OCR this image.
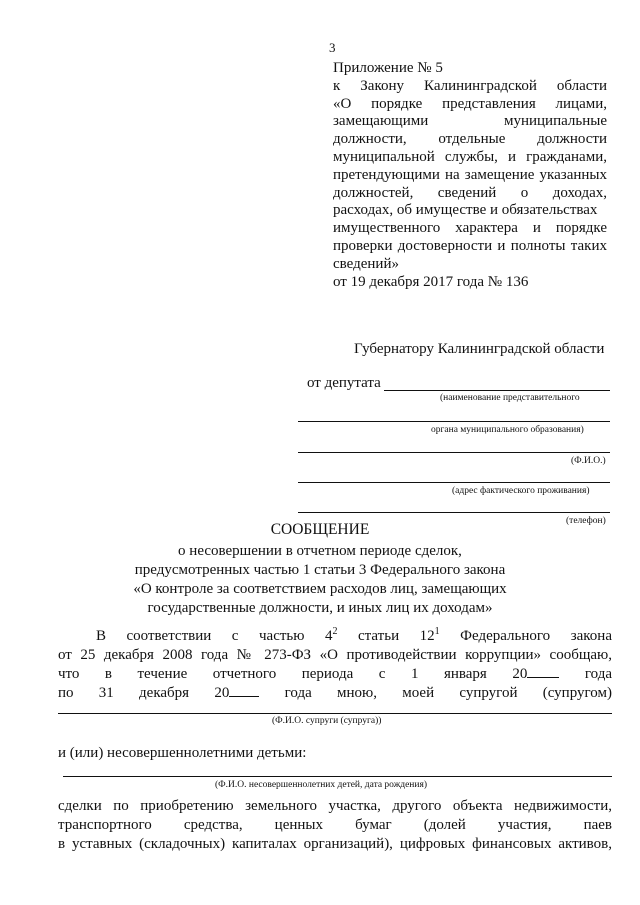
3
Приложение № 5
к Закону Калининградской области
«О порядке представления лицами,
замещающими муниципальные
должности, отдельные должности
муниципальной службы, и гражданами,
претендующими на замещение указанных
должностей, сведений о доходах,
расходах, об имуществе и обязательствах
имущественного характера и порядке
проверки достоверности и полноты таких
сведений»
от 19 декабря 2017 года № 136
Губернатору Калининградской области
от депутата
(наименование представительного
органа муниципального образования)
(Ф.И.О.)
(адрес фактического проживания)
(телефон)
СООБЩЕНИЕ
о несовершении в отчетном периоде сделок,
предусмотренных частью 1 статьи 3 Федерального закона
«О контроле за соответствием расходов лиц, замещающих
государственные должности, и иных лиц их доходам»
В соответствии с частью $4^2$ статьи $12^1$ Федерального закона
от 25 декабря 2008 года № 273-ФЗ «О противодействии коррупции» сообщаю,
что в течение отчетного периода с 1 января 20 года
по 31 декабря 20 года мною, моей супругой (супругом)
(Ф.И.О. супруги (супруга))
и (или) несовершеннолетними детьми:
(Ф.И.О. несовершеннолетних детей, дата рождения)
сделки по приобретению земельного участка, другого объекта недвижимости,
транспортного средства, ценных бумаг (долей участия, паев
в уставных (складочных) капиталах организаций), цифровых финансовых активов,
